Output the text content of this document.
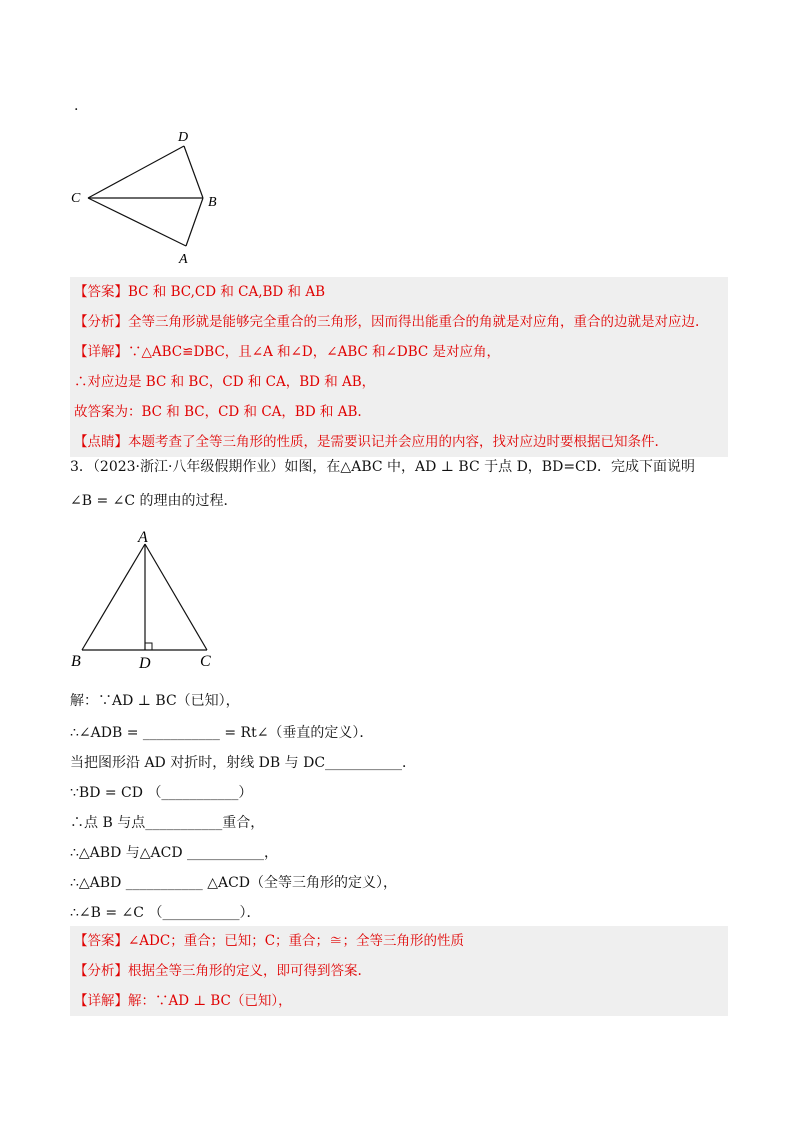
.
D
C	B
A
【答案】BC 和 BC,CD 和 CA,BD 和 AB
【分析】全等三角形就是能够完全重合的三角形，因而得出能重合的角就是对应角，重合的边就是对应边.
【详解】∵△ABC≌DBC，且∠A 和∠D，∠ABC 和∠DBC 是对应角，
∴对应边是 BC 和 BC，CD 和 CA，BD 和 AB，
故答案为：BC 和 BC，CD 和 CA，BD 和 AB.
【点睛】本题考查了全等三角形的性质，是需要识记并会应用的内容，找对应边时要根据已知条件.
3．（2023·浙江·八年级假期作业）如图，在△ABC 中，AD ⊥ BC 于点 D，BD=CD．完成下面说明
∠B = ∠C 的理由的过程．
A
B	D	C
解：∵AD ⊥ BC（已知），
∴∠ADB = ___________ = Rt∠（垂直的定义）．
当把图形沿 AD 对折时，射线 DB 与 DC___________．
∵BD = CD （___________）
∴点 B 与点___________重合，
∴△ABD 与△ACD ___________，
∴△ABD ___________ △ACD（全等三角形的定义），
∴∠B = ∠C （___________）．
【答案】∠ADC；重合；已知；C；重合；≅；全等三角形的性质
【分析】根据全等三角形的定义，即可得到答案.
【详解】解：∵AD ⊥ BC（已知），
